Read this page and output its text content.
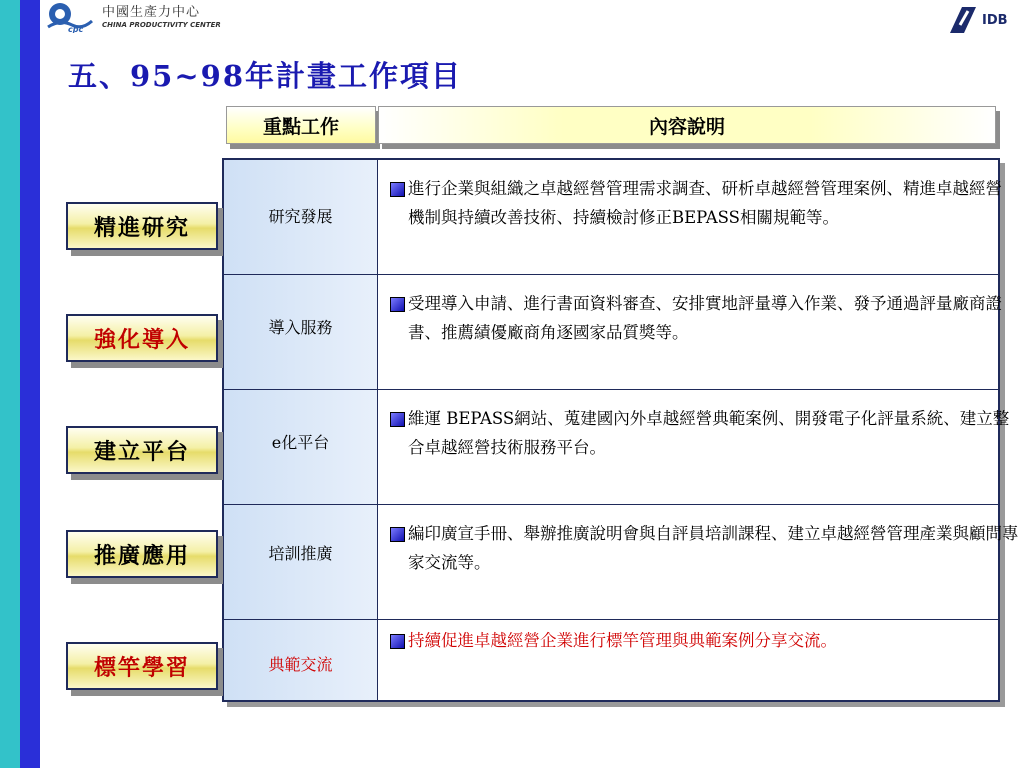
cpc
中國生產力中心
CHINA PRODUCTIVITY CENTER	IDB
五、95~98年計畫工作項目
重點工作	內容說明
研究發展
進行企業與組織之卓越經營管理需求調查、研析卓越經營管理案例、精進卓越經營機制與持續改善技術、持續檢討修正BEPASS相關規範等。
導入服務
受理導入申請、進行書面資料審查、安排實地評量導入作業、發予通過評量廠商證書、推薦績優廠商角逐國家品質獎等。
e化平台
維運 BEPASS網站、蒐建國內外卓越經營典範案例、開發電子化評量系統、建立整合卓越經營技術服務平台。
培訓推廣
編印廣宣手冊、舉辦推廣說明會與自評員培訓課程、建立卓越經營管理產業與顧問專家交流等。
典範交流
持續促進卓越經營企業進行標竿管理與典範案例分享交流。
精進研究
強化導入
建立平台
推廣應用
標竿學習
